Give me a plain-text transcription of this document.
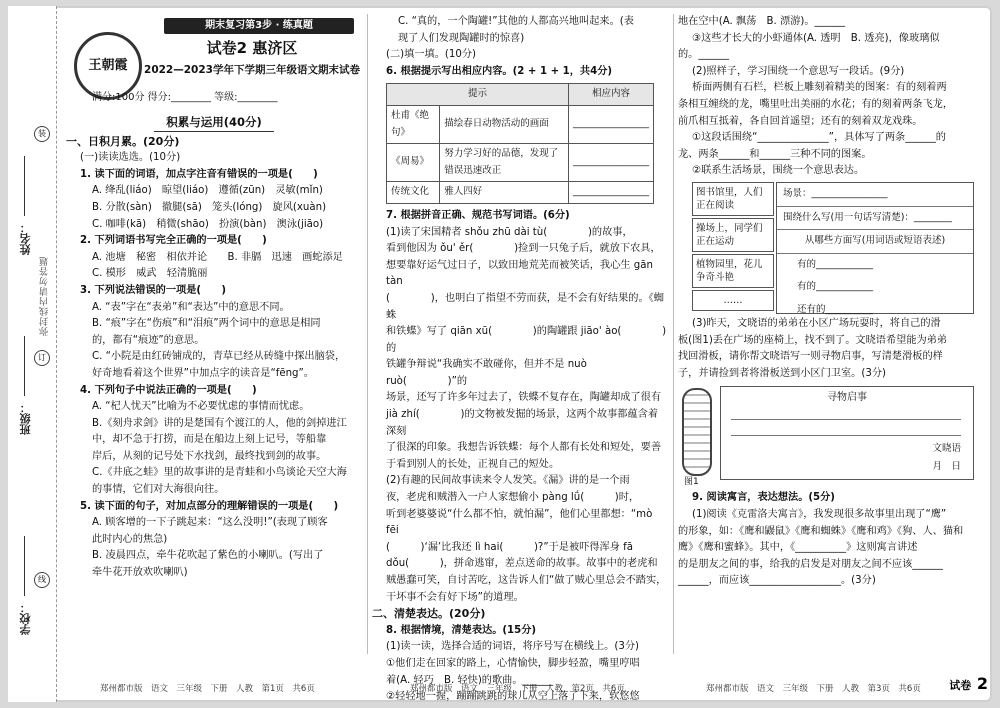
姓名：
班级：
学校：
弥封线内请勿答题
装
订
线
王朝霞
期末复习第3步 · 练真题
试卷2 惠济区
2022—2023学年下学期三年级语文期末试卷
满分:100分 得分:________ 等级:________
积累与运用(40分)

一、日积月累。(20分)

(一)读读选选。(10分)

1. 读下面的词语，加点字注音有错误的一项是(　　)

A. 绛乱(liáo)　晾望(liáo)　遵循(zūn)　灵敏(mǐn)

B. 分散(sàn)　撤腿(sā)　笼头(lóng)　旋风(xuàn)

C. 咖啡(kā)　稍微(shāo)　扮演(bàn)　澳泳(jiāo)

2. 下列词语书写完全正确的一项是(　　)

A. 池塘　秘密　相依并论　　B. 非膈　迅速　画蛇添足

C. 模形　威武　轻清脆丽

3. 下列说法错误的一项是(　　)

A. “表”字在“表弟”和“表达”中的意思不同。

B. “痕”字在“伤痕”和“泪痕”两个词中的意思是相同

的，都有“痕迹”的意思。

C. “小院是由红砖铺成的，青草已经从砖缝中探出脑袋，

好奇地看着这个世界”中加点字的读音是“fēng”。

4. 下列句子中说法正确的一项是(　　)

A. “杞人忧天”比喻为不必要忧虑的事情而忧虑。

B.《刻舟求剑》讲的是楚国有个渡江的人，他的剑掉进江

中，却不急于打捞，而是在船边上刻上记号，等船靠

岸后，从刻的记号处下水找剑，最终找到剑的故事。

C.《井底之蛙》里的故事讲的是青蛙和小鸟谈论天空大海

的事情，它们对大海很向往。

5. 读下面的句子，对加点部分的理解错误的一项是(　　)

A. 顾客增的一下子跳起来：“这么没明!”(表现了顾客

此时内心的焦急)

B. 凌晨四点，牵牛花吹起了紫色的小喇叭。(写出了

牵牛花开放欢吹喇叭)

C. “真的，一个陶罐!”其他的人都高兴地叫起来。(表

现了人们发现陶罐时的惊喜)

(二)填一填。(10分)

6. 根据提示写出相应内容。(2 + 1 + 1，共4分)

提示		相应内容
杜甫《绝句》	描绘春日动物活动的画面	________________
《周易》	努力学习好的品德，发现了错误迅速改正	________________
传统文化	雅人四好	________________

7. 根据拼音正确、规范书写词语。(6分)

(1)读了宋国精者 shǒu zhū dài tù(　　　　)的故事，

看到他因为 ǒu' ěr(　　　　)捡到一只兔子后，就放下农具，

想要靠好运气过日子，以致田地荒芜而被笑话，我心生 gān tàn

(　　　　)，也明白了指望不劳而获，是不会有好结果的。《蜘蛛

和铁蝶》写了 qiān xū(　　　　)的陶罐跟 jiāo' ào(　　　　)的

铁罐争辩说“我确实不敢碰你，但并不是 nuò ruò(　　　　)”的

场景，还写了许多年过去了，铁蝶不复存在，陶罐却成了很有

jià zhí(　　　　)的文物被发掘的场景，这两个故事都蕴含着深刻

了很深的印象。我想告诉铁蝶：每个人都有长处和短处，要善

于看到别人的长处，正视自己的短处。

(2)有趣的民间故事读来令人发笑。《漏》讲的是一个雨

夜，老虎和贼潜入一户人家想偷小 pàng lǘ(　　　)时，

听到老婆婆说“什么都不怕，就怕漏”，他们心里都想：“mò fēi

(　　　)‘漏’比我还 lì hai(　　　)?”于是被吓得浑身 fā

dǒu(　　　)，拼命逃窜，差点送命的故事。故事中的老虎和

贼愚蠢可笑，自讨苦吃，这告诉人们“做了贼心里总会不踏实，

干坏事不会有好下场”的道理。

二、清楚表达。(20分)

8. 根据情境，清楚表达。(15分)

(1)读一读，选择合适的词语，将序号写在横线上。(3分)

①他们走在回家的路上，心情愉快，脚步轻盈，嘴里哼唱

着(A. 轻巧　B. 轻快)的歌曲。______

②轻轻地一握，蹦蹦跳跳的球儿从空上落了下来，软悠悠

地在空中(A. 飘荡　B. 漂游)。______

③这些才长大的小虾通体(A. 透明　B. 透亮)，像玻璃似

的。______

(2)照样子，学习围绕一个意思写一段话。(9分)

桥面两侧有石栏，栏板上雕刻着精美的图案：有的刻着两

条相互缠绕的龙，嘴里吐出美丽的水花；有的刻着两条飞龙，

前爪相互抵着，各自回首遥望；还有的刻着双龙戏珠。

①这段话围绕“______________”，具体写了两条______的

龙、两条______和______三种不同的图案。

②联系生活场景，围绕一个意思表达。

图书馆里，人们正在阅读
操场上，同学们正在运动
植物园里，花儿争奇斗艳
……
场景：________________
围绕什么写(用一句话写清楚)：________
从哪些方面写(用词语或短语表述)
有的____________
有的____________
还有的__________

(3)昨天，文晓语的弟弟在小区广场玩耍时，将自己的滑

板(图1)丢在广场的座椅上，找不到了。文晓语希望能为弟弟

找回滑板，请你帮文晓语写一则寻物启事，写清楚滑板的样

子，并请捡到者将滑板送到小区门卫室。(3分)

图1
寻物启事
文晓语
月　日

9. 阅读寓言，表达想法。(5分)

(1)阅读《克雷洛夫寓言》，我发现很多故事里出现了“鹰”

的形象，如：《鹰和鼹鼠》《鹰和蜘蛛》《鹰和鸡》《狗、人、猫和

鹰》《鹰和蜜蜂》。其中，《__________》这则寓言讲述

的是朋友之间的事，给我的启发是对朋友之间不应该______

______，而应该__________________。(3分)

郑州都市版　语文　三年级　下册　人教　第1页　共6页	郑州都市版　语文　三年级　下册　人教　第2页　共6页	郑州都市版　语文　三年级　下册　人教　第3页　共6页	试卷 2
